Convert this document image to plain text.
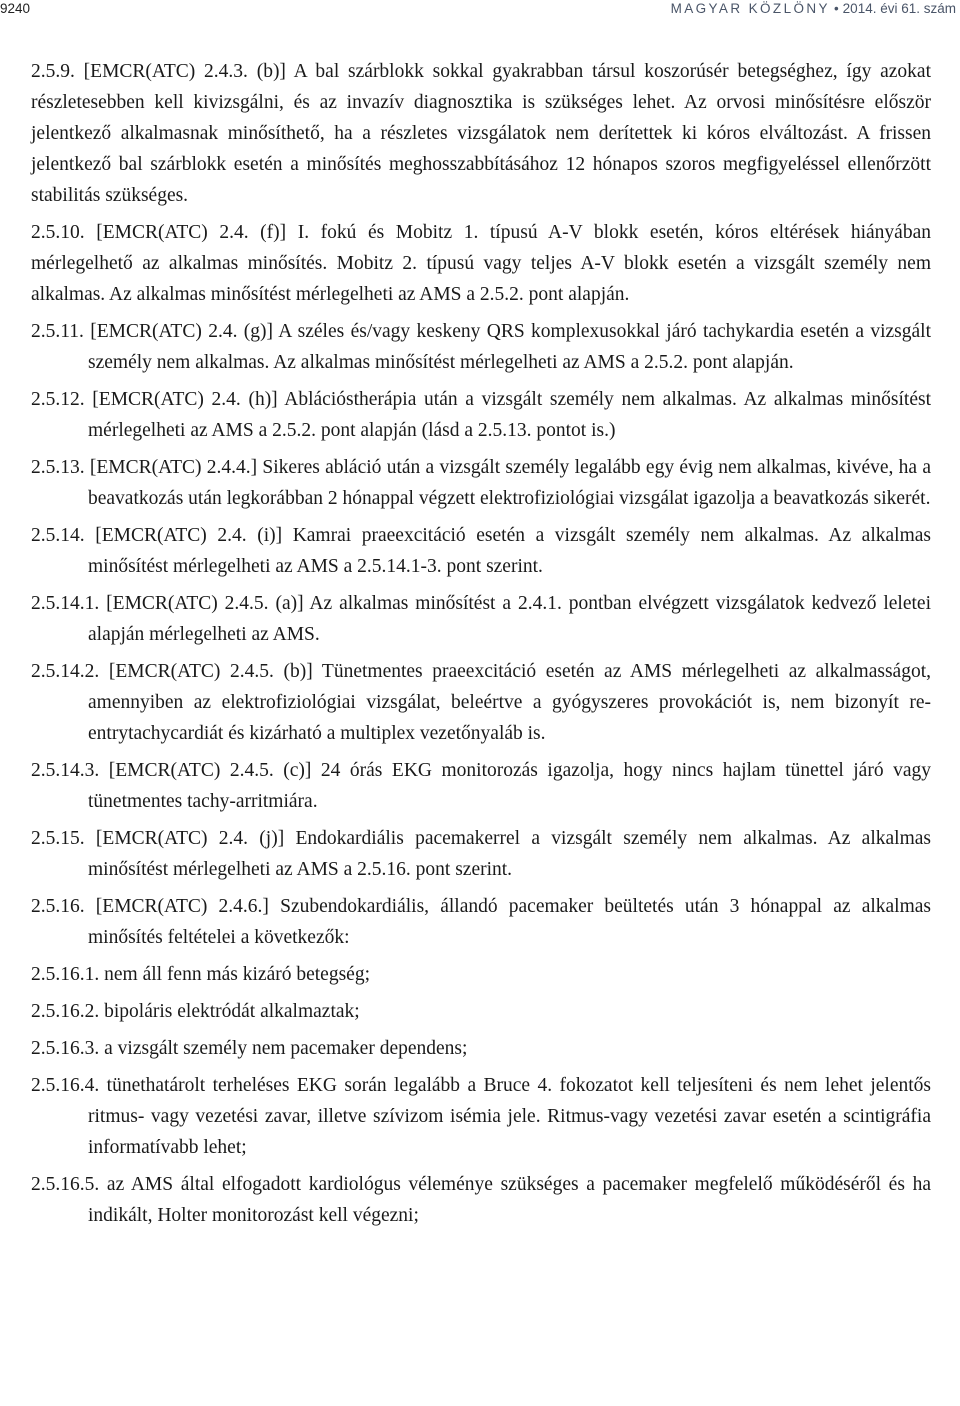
9240	MAGYAR KÖZLÖNY • 2014. évi 61. szám

2.5.9. [EMCR(ATC) 2.4.3. (b)] A bal szárblokk sokkal gyakrabban társul koszorúsér betegséghez, így azokat részletesebben kell kivizsgálni, és az invazív diagnosztika is szükséges lehet. Az orvosi minősítésre először jelentkező alkalmasnak minősíthető, ha a részletes vizsgálatok nem derítettek ki kóros elváltozást. A frissen jelentkező bal szárblokk esetén a minősítés meghosszabbításához 12 hónapos szoros megfigyeléssel ellenőrzött stabilitás szükséges.

2.5.10. [EMCR(ATC) 2.4. (f)] I. fokú és Mobitz 1. típusú A-V blokk esetén, kóros eltérések hiányában mérlegelhető az alkalmas minősítés. Mobitz 2. típusú vagy teljes A-V blokk esetén a vizsgált személy nem alkalmas. Az alkalmas minősítést mérlegelheti az AMS a 2.5.2. pont alapján.

2.5.11. [EMCR(ATC) 2.4. (g)] A széles és/vagy keskeny QRS komplexusokkal járó tachykardia esetén a vizsgált személy nem alkalmas. Az alkalmas minősítést mérlegelheti az AMS a 2.5.2. pont alapján.

2.5.12. [EMCR(ATC) 2.4. (h)] Ablációstherápia után a vizsgált személy nem alkalmas. Az alkalmas minősítést mérlegelheti az AMS a 2.5.2. pont alapján (lásd a 2.5.13. pontot is.)

2.5.13. [EMCR(ATC) 2.4.4.] Sikeres abláció után a vizsgált személy legalább egy évig nem alkalmas, kivéve, ha a beavatkozás után legkorábban 2 hónappal végzett elektrofiziológiai vizsgálat igazolja a beavatkozás sikerét.

2.5.14. [EMCR(ATC) 2.4. (i)] Kamrai praeexcitáció esetén a vizsgált személy nem alkalmas. Az alkalmas minősítést mérlegelheti az AMS a 2.5.14.1-3. pont szerint.

2.5.14.1. [EMCR(ATC) 2.4.5. (a)] Az alkalmas minősítést a 2.4.1. pontban elvégzett vizsgálatok kedvező leletei alapján mérlegelheti az AMS.

2.5.14.2. [EMCR(ATC) 2.4.5. (b)] Tünetmentes praeexcitáció esetén az AMS mérlegelheti az alkalmasságot, amennyiben az elektrofiziológiai vizsgálat, beleértve a gyógyszeres provokációt is, nem bizonyít re-entrytachycardiát és kizárható a multiplex vezetőnyaláb is.

2.5.14.3. [EMCR(ATC) 2.4.5. (c)] 24 órás EKG monitorozás igazolja, hogy nincs hajlam tünettel járó vagy tünetmentes tachy-arritmiára.

2.5.15. [EMCR(ATC) 2.4. (j)] Endokardiális pacemakerrel a vizsgált személy nem alkalmas. Az alkalmas minősítést mérlegelheti az AMS a 2.5.16. pont szerint.

2.5.16. [EMCR(ATC) 2.4.6.] Szubendokardiális, állandó pacemaker beültetés után 3 hónappal az alkalmas minősítés feltételei a következők:

2.5.16.1. nem áll fenn más kizáró betegség;

2.5.16.2. bipoláris elektródát alkalmaztak;

2.5.16.3. a vizsgált személy nem pacemaker dependens;

2.5.16.4. tünethatárolt terheléses EKG során legalább a Bruce 4. fokozatot kell teljesíteni és nem lehet jelentős ritmus- vagy vezetési zavar, illetve szívizom isémia jele. Ritmus-vagy vezetési zavar esetén a scintigráfia informatívabb lehet;

2.5.16.5. az AMS által elfogadott kardiológus véleménye szükséges a pacemaker megfelelő működéséről és ha indikált, Holter monitorozást kell végezni;
